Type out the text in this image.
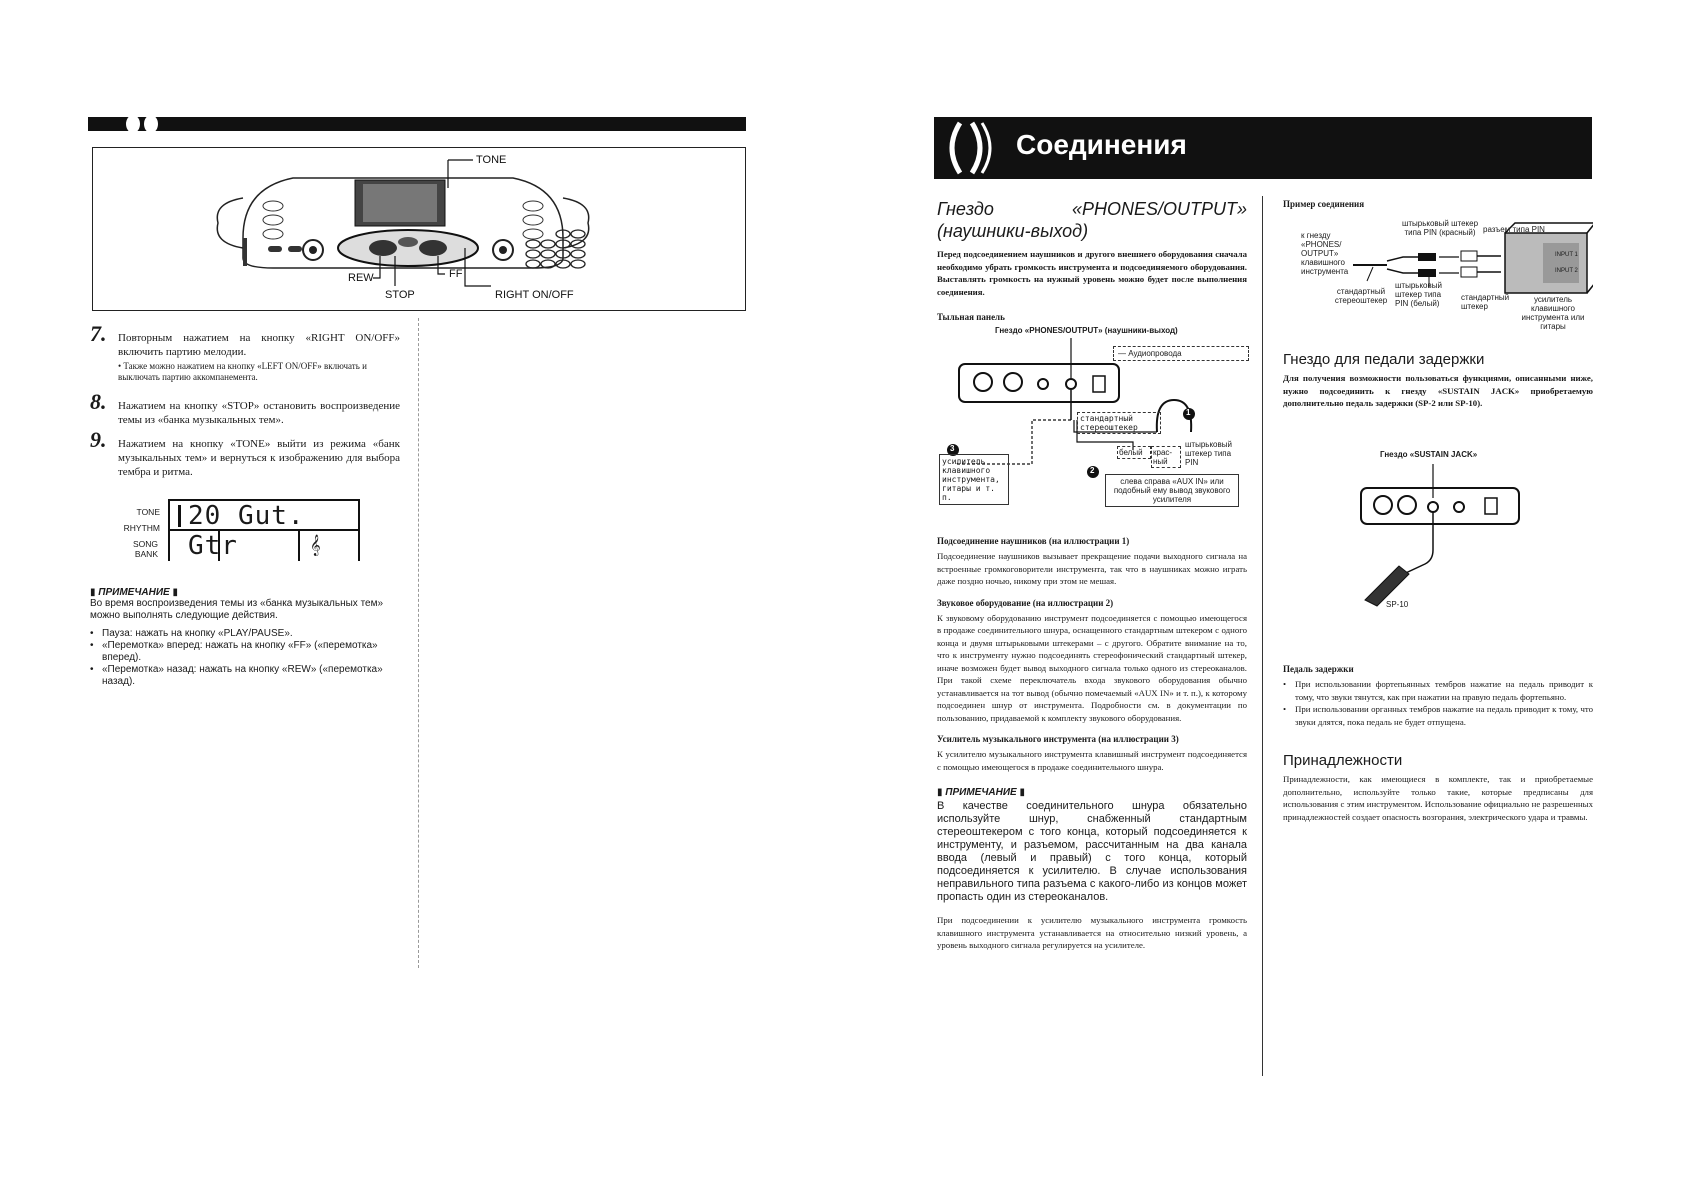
TONE
REW	FF
STOP	RIGHT ON/OFF
7. Повторным нажатием на кнопку «RIGHT ON/OFF» включить партию мелодии.
• Также можно нажатием на кнопку «LEFT ON/OFF» включать и выключать партию аккомпанемента.
8. Нажатием на кнопку «STOP» остановить воспроизведение темы из «банка музыкальных тем».
9. Нажатием на кнопку «TONE» выйти из режима «банк музыкальных тем» и вернуться к изображению для выбора тембра и ритма.
TONE
RHYTHM
SONG BANK	𝄞
20 Gut. Gtr
▮ ПРИМЕЧАНИЕ ▮
Во время воспроизведения темы из «банка музыкальных тем» можно выполнять следующие действия.
• Пауза: нажать на кнопку «PLAY/PAUSE».
• «Перемотка» вперед: нажать на кнопку «FF» («перемотка» вперед).
• «Перемотка» назад: нажать на кнопку «REW» («перемотка» назад).
Соединения
Гнездо	«PHONES/OUTPUT»
(наушники-выход)
Перед подсоединением наушников и другого внешнего оборудования сначала необходимо убрать громкость инструмента и подсоединяемого оборудования. Выставлять громкость на нужный уровень можно будет после выполнения соединения.
Тыльная панель
Гнездо «PHONES/OUTPUT» (наушники-выход)
— Аудиопровода
1
3
2
стандартный стереоштекер
усилитель клавишного инструмента, гитары и т. п.
белый	крас-ный
штырьковый штекер типа PIN
слева справа «AUX IN» или подобный ему вывод звукового усилителя
Подсоединение наушников (на иллюстрации 1)
Подсоединение наушников вызывает прекращение подачи выходного сигнала на встроенные громкоговорители инструмента, так что в наушниках можно играть даже поздно ночью, никому при этом не мешая.
Звуковое оборудование (на иллюстрации 2)
К звуковому оборудованию инструмент подсоединяется с помощью имеющегося в продаже соединительного шнура, оснащенного стандартным штекером с одного конца и двумя штырьковыми штекерами – с другого. Обратите внимание на то, что к инструменту нужно подсоединять стереофонический стандартный штекер, иначе возможен будет вывод выходного сигнала только одного из стереоканалов. При такой схеме переключатель входа звукового оборудования обычно устанавливается на тот вывод (обычно помечаемый «AUX IN» и т. п.), к которому подсоединен шнур от инструмента. Подробности см. в документации по пользованию, придаваемой к комплекту звукового оборудования.
Усилитель музыкального инструмента (на иллюстрации 3)
К усилителю музыкального инструмента клавишный инструмент подсоединяется с помощью имеющегося в продаже соединительного шнура.
▮ ПРИМЕЧАНИЕ ▮
В качестве соединительного шнура обязательно используйте шнур, снабженный стандартным стереоштекером с того конца, который подсоединяется к инструменту, и разъемом, рассчитанным на два канала ввода (левый и правый) с того конца, который подсоединяется к усилителю. В случае использования неправильного типа разъема с какого-либо из концов может пропасть один из стереоканалов.
При подсоединении к усилителю музыкального инструмента громкость клавишного инструмента устанавливается на относительно низкий уровень, а уровень выходного сигнала регулируется на усилителе.
Пример соединения
к гнезду «PHONES/ OUTPUT» клавишного инструмента
штырьковый штекер типа PIN (красный) разъем типа PIN
INPUT 1
INPUT 2
стандартный стереоштекер
штырьковый штекер типа PIN (белый)
стандартный штекер
усилитель клавишного инструмента или гитары
Гнездо для педали задержки
Для получения возможности пользоваться функциями, описанными ниже, нужно подсоединить к гнезду «SUSTAIN JACK» приобретаемую дополнительно педаль задержки (SP-2 или SP-10).
Гнездо «SUSTAIN JACK»
SP-10
Педаль задержки
• При использовании фортепьянных тембров нажатие на педаль приводит к тому, что звуки тянутся, как при нажатии на правую педаль фортепьяно.
• При использовании органных тембров нажатие на педаль приводит к тому, что звуки длятся, пока педаль не будет отпущена.
Принадлежности
Принадлежности, как имеющиеся в комплекте, так и приобретаемые дополнительно, используйте только такие, которые предписаны для использования с этим инструментом. Использование официально не разрешенных принадлежностей создает опасность возгорания, электрического удара и травмы.
